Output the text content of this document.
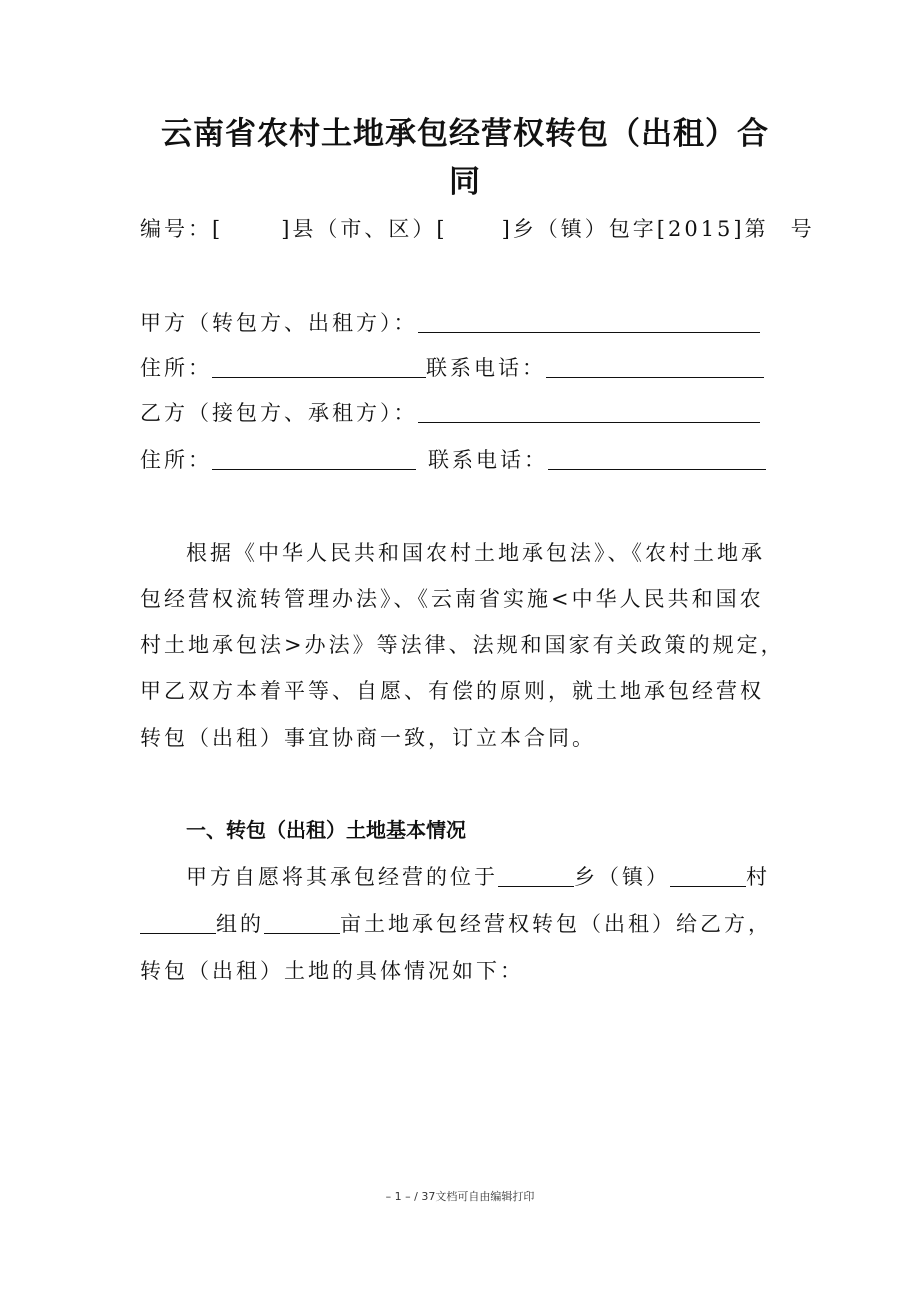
云南省农村土地承包经营权转包（出租）合
同
编号：[	]县（市、区）[	]乡（镇）包字[2015]第 号
甲方（转包方、出租方）：
住所：	联系电话：
乙方（接包方、承租方）：
住所：	联系电话：
根据《中华人民共和国农村土地承包法》、《农村土地承
包经营权流转管理办法》、《云南省实施<中华人民共和国农
村土地承包法>办法》等法律、法规和国家有关政策的规定，
甲乙双方本着平等、自愿、有偿的原则，就土地承包经营权
转包（出租）事宜协商一致，订立本合同。
一、转包（出租）土地基本情况
甲方自愿将其承包经营的位于	乡（镇）	村
组的	亩土地承包经营权转包（出租）给乙方，
转包（出租）土地的具体情况如下：
– 1 – / 37文档可自由编辑打印
